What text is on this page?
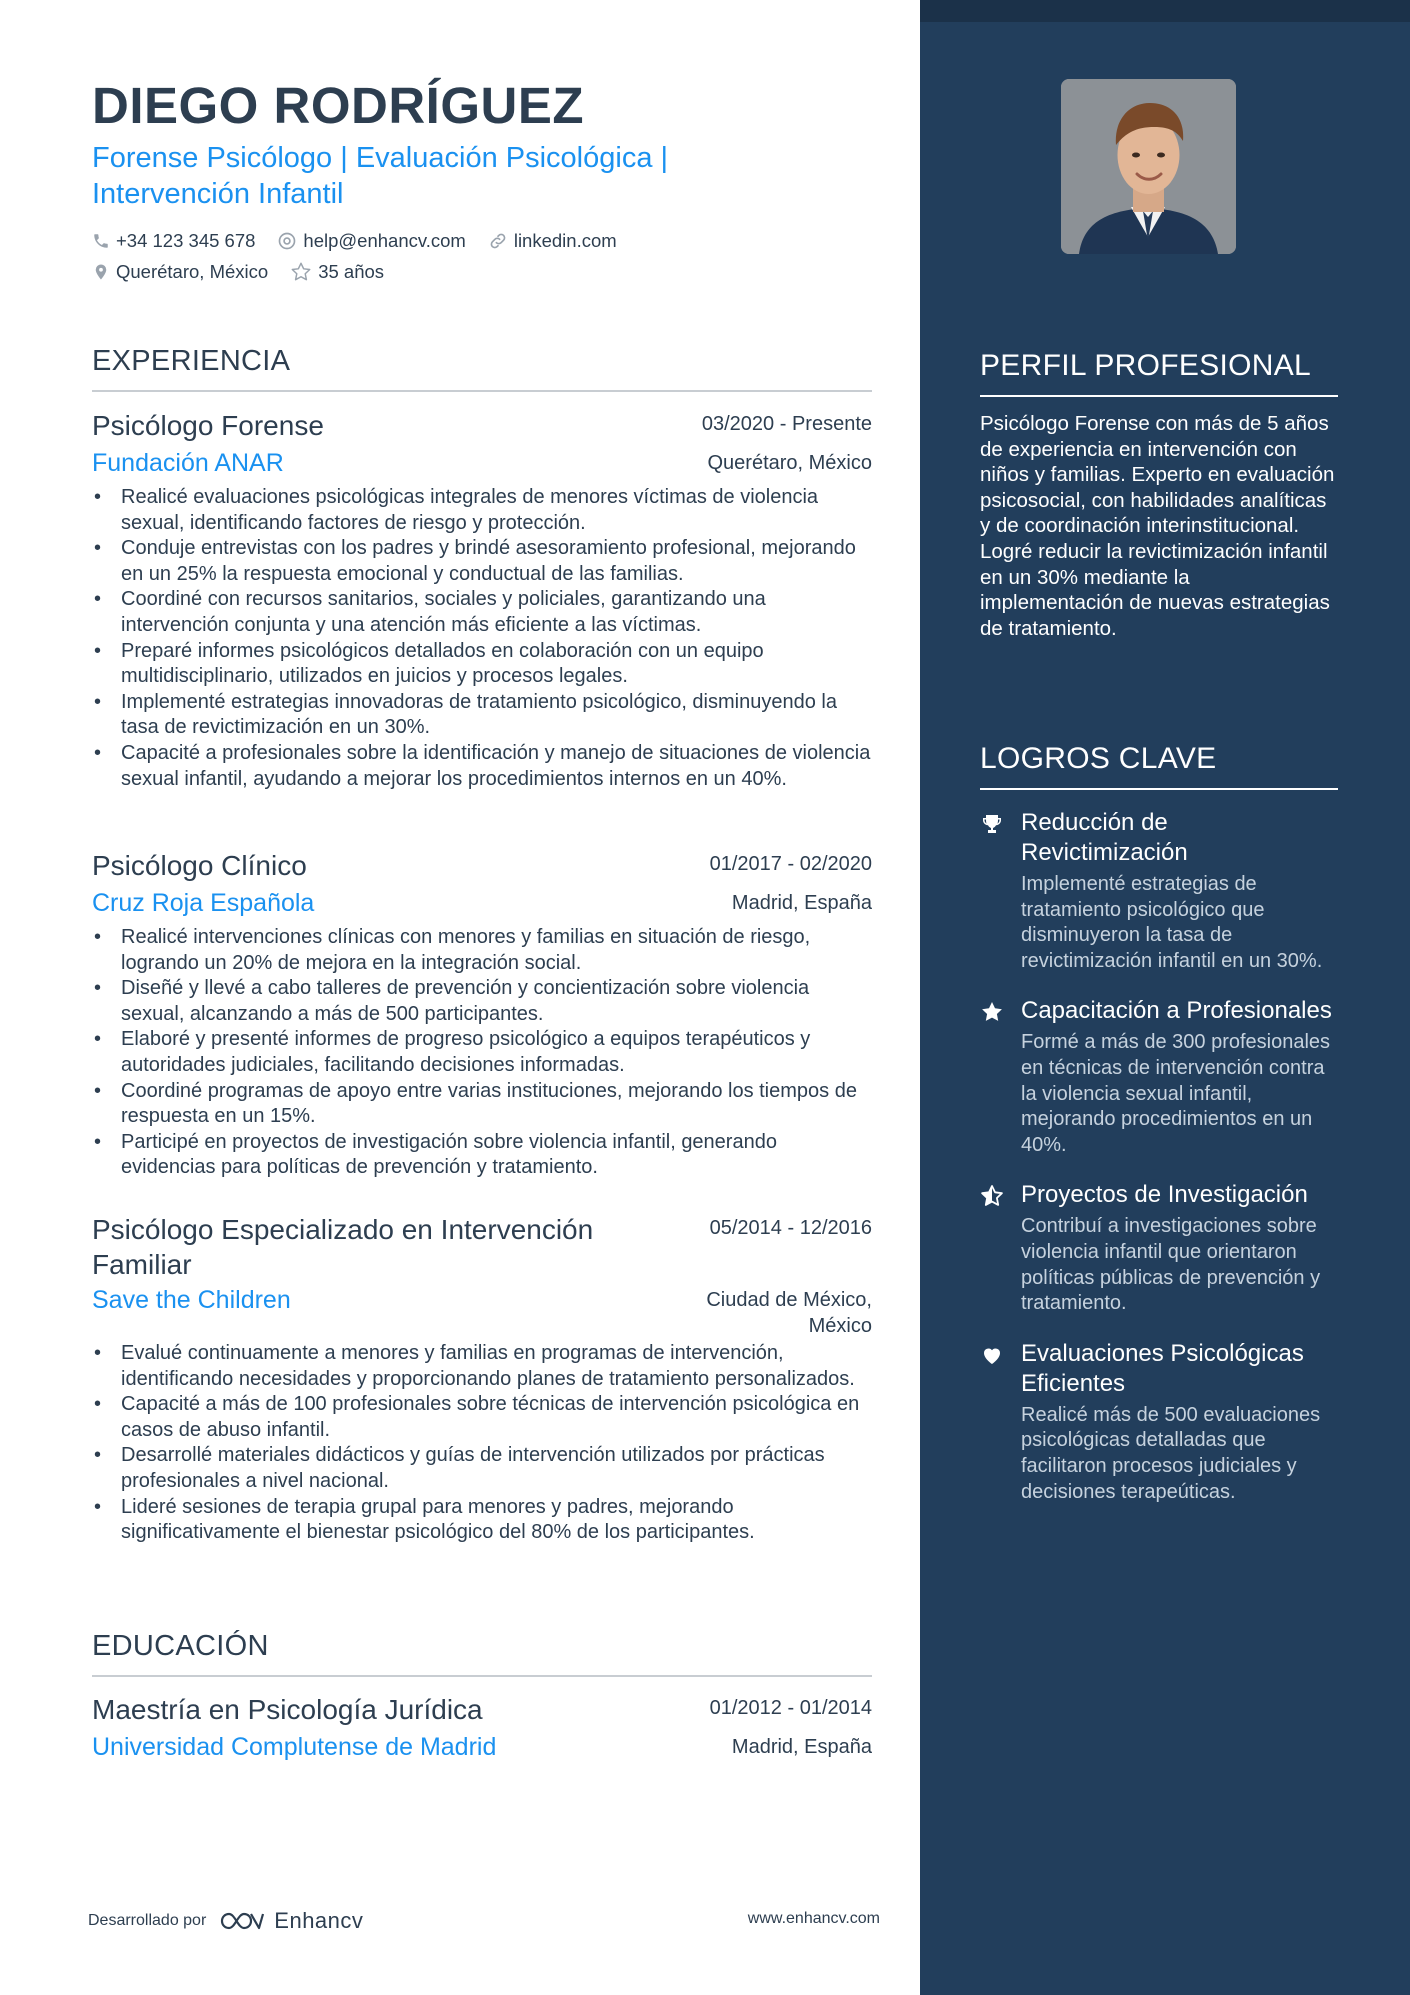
DIEGO RODRÍGUEZ
Forense Psicólogo | Evaluación Psicológica |
Intervención Infantil
+34 123 345 678	help@enhancv.com	linkedin.com
Querétaro, México	35 años
EXPERIENCIA
Psicólogo Forense	03/2020 - Presente
Fundación ANAR	Querétaro, México
• Realicé evaluaciones psicológicas integrales de menores víctimas de violencia sexual, identificando factores de riesgo y protección.
• Conduje entrevistas con los padres y brindé asesoramiento profesional, mejorando en un 25% la respuesta emocional y conductual de las familias.
• Coordiné con recursos sanitarios, sociales y policiales, garantizando una intervención conjunta y una atención más eficiente a las víctimas.
• Preparé informes psicológicos detallados en colaboración con un equipo multidisciplinario, utilizados en juicios y procesos legales.
• Implementé estrategias innovadoras de tratamiento psicológico, disminuyendo la tasa de revictimización en un 30%.
• Capacité a profesionales sobre la identificación y manejo de situaciones de violencia sexual infantil, ayudando a mejorar los procedimientos internos en un 40%.
Psicólogo Clínico	01/2017 - 02/2020
Cruz Roja Española	Madrid, España
• Realicé intervenciones clínicas con menores y familias en situación de riesgo, logrando un 20% de mejora en la integración social.
• Diseñé y llevé a cabo talleres de prevención y concientización sobre violencia sexual, alcanzando a más de 500 participantes.
• Elaboré y presenté informes de progreso psicológico a equipos terapéuticos y autoridades judiciales, facilitando decisiones informadas.
• Coordiné programas de apoyo entre varias instituciones, mejorando los tiempos de respuesta en un 15%.
• Participé en proyectos de investigación sobre violencia infantil, generando evidencias para políticas de prevención y tratamiento.
Psicólogo Especializado en Intervención
Familiar
05/2014 - 12/2016
Save the Children	Ciudad de México,
México
• Evalué continuamente a menores y familias en programas de intervención, identificando necesidades y proporcionando planes de tratamiento personalizados.
• Capacité a más de 100 profesionales sobre técnicas de intervención psicológica en casos de abuso infantil.
• Desarrollé materiales didácticos y guías de intervención utilizados por prácticas profesionales a nivel nacional.
• Lideré sesiones de terapia grupal para menores y padres, mejorando significativamente el bienestar psicológico del 80% de los participantes.
EDUCACIÓN
Maestría en Psicología Jurídica	01/2012 - 01/2014
Universidad Complutense de Madrid	Madrid, España
Desarrollado por	Enhancv	www.enhancv.com
PERFIL PROFESIONAL
Psicólogo Forense con más de 5 años de experiencia en intervención con niños y familias. Experto en evaluación psicosocial, con habilidades analíticas y de coordinación interinstitucional. Logré reducir la revictimización infantil en un 30% mediante la implementación de nuevas estrategias de tratamiento.
LOGROS CLAVE
Reducción de Revictimización
Implementé estrategias de tratamiento psicológico que disminuyeron la tasa de revictimización infantil en un 30%.
Capacitación a Profesionales
Formé a más de 300 profesionales en técnicas de intervención contra la violencia sexual infantil, mejorando procedimientos en un 40%.
Proyectos de Investigación
Contribuí a investigaciones sobre violencia infantil que orientaron políticas públicas de prevención y tratamiento.
Evaluaciones Psicológicas Eficientes
Realicé más de 500 evaluaciones psicológicas detalladas que facilitaron procesos judiciales y decisiones terapeúticas.
